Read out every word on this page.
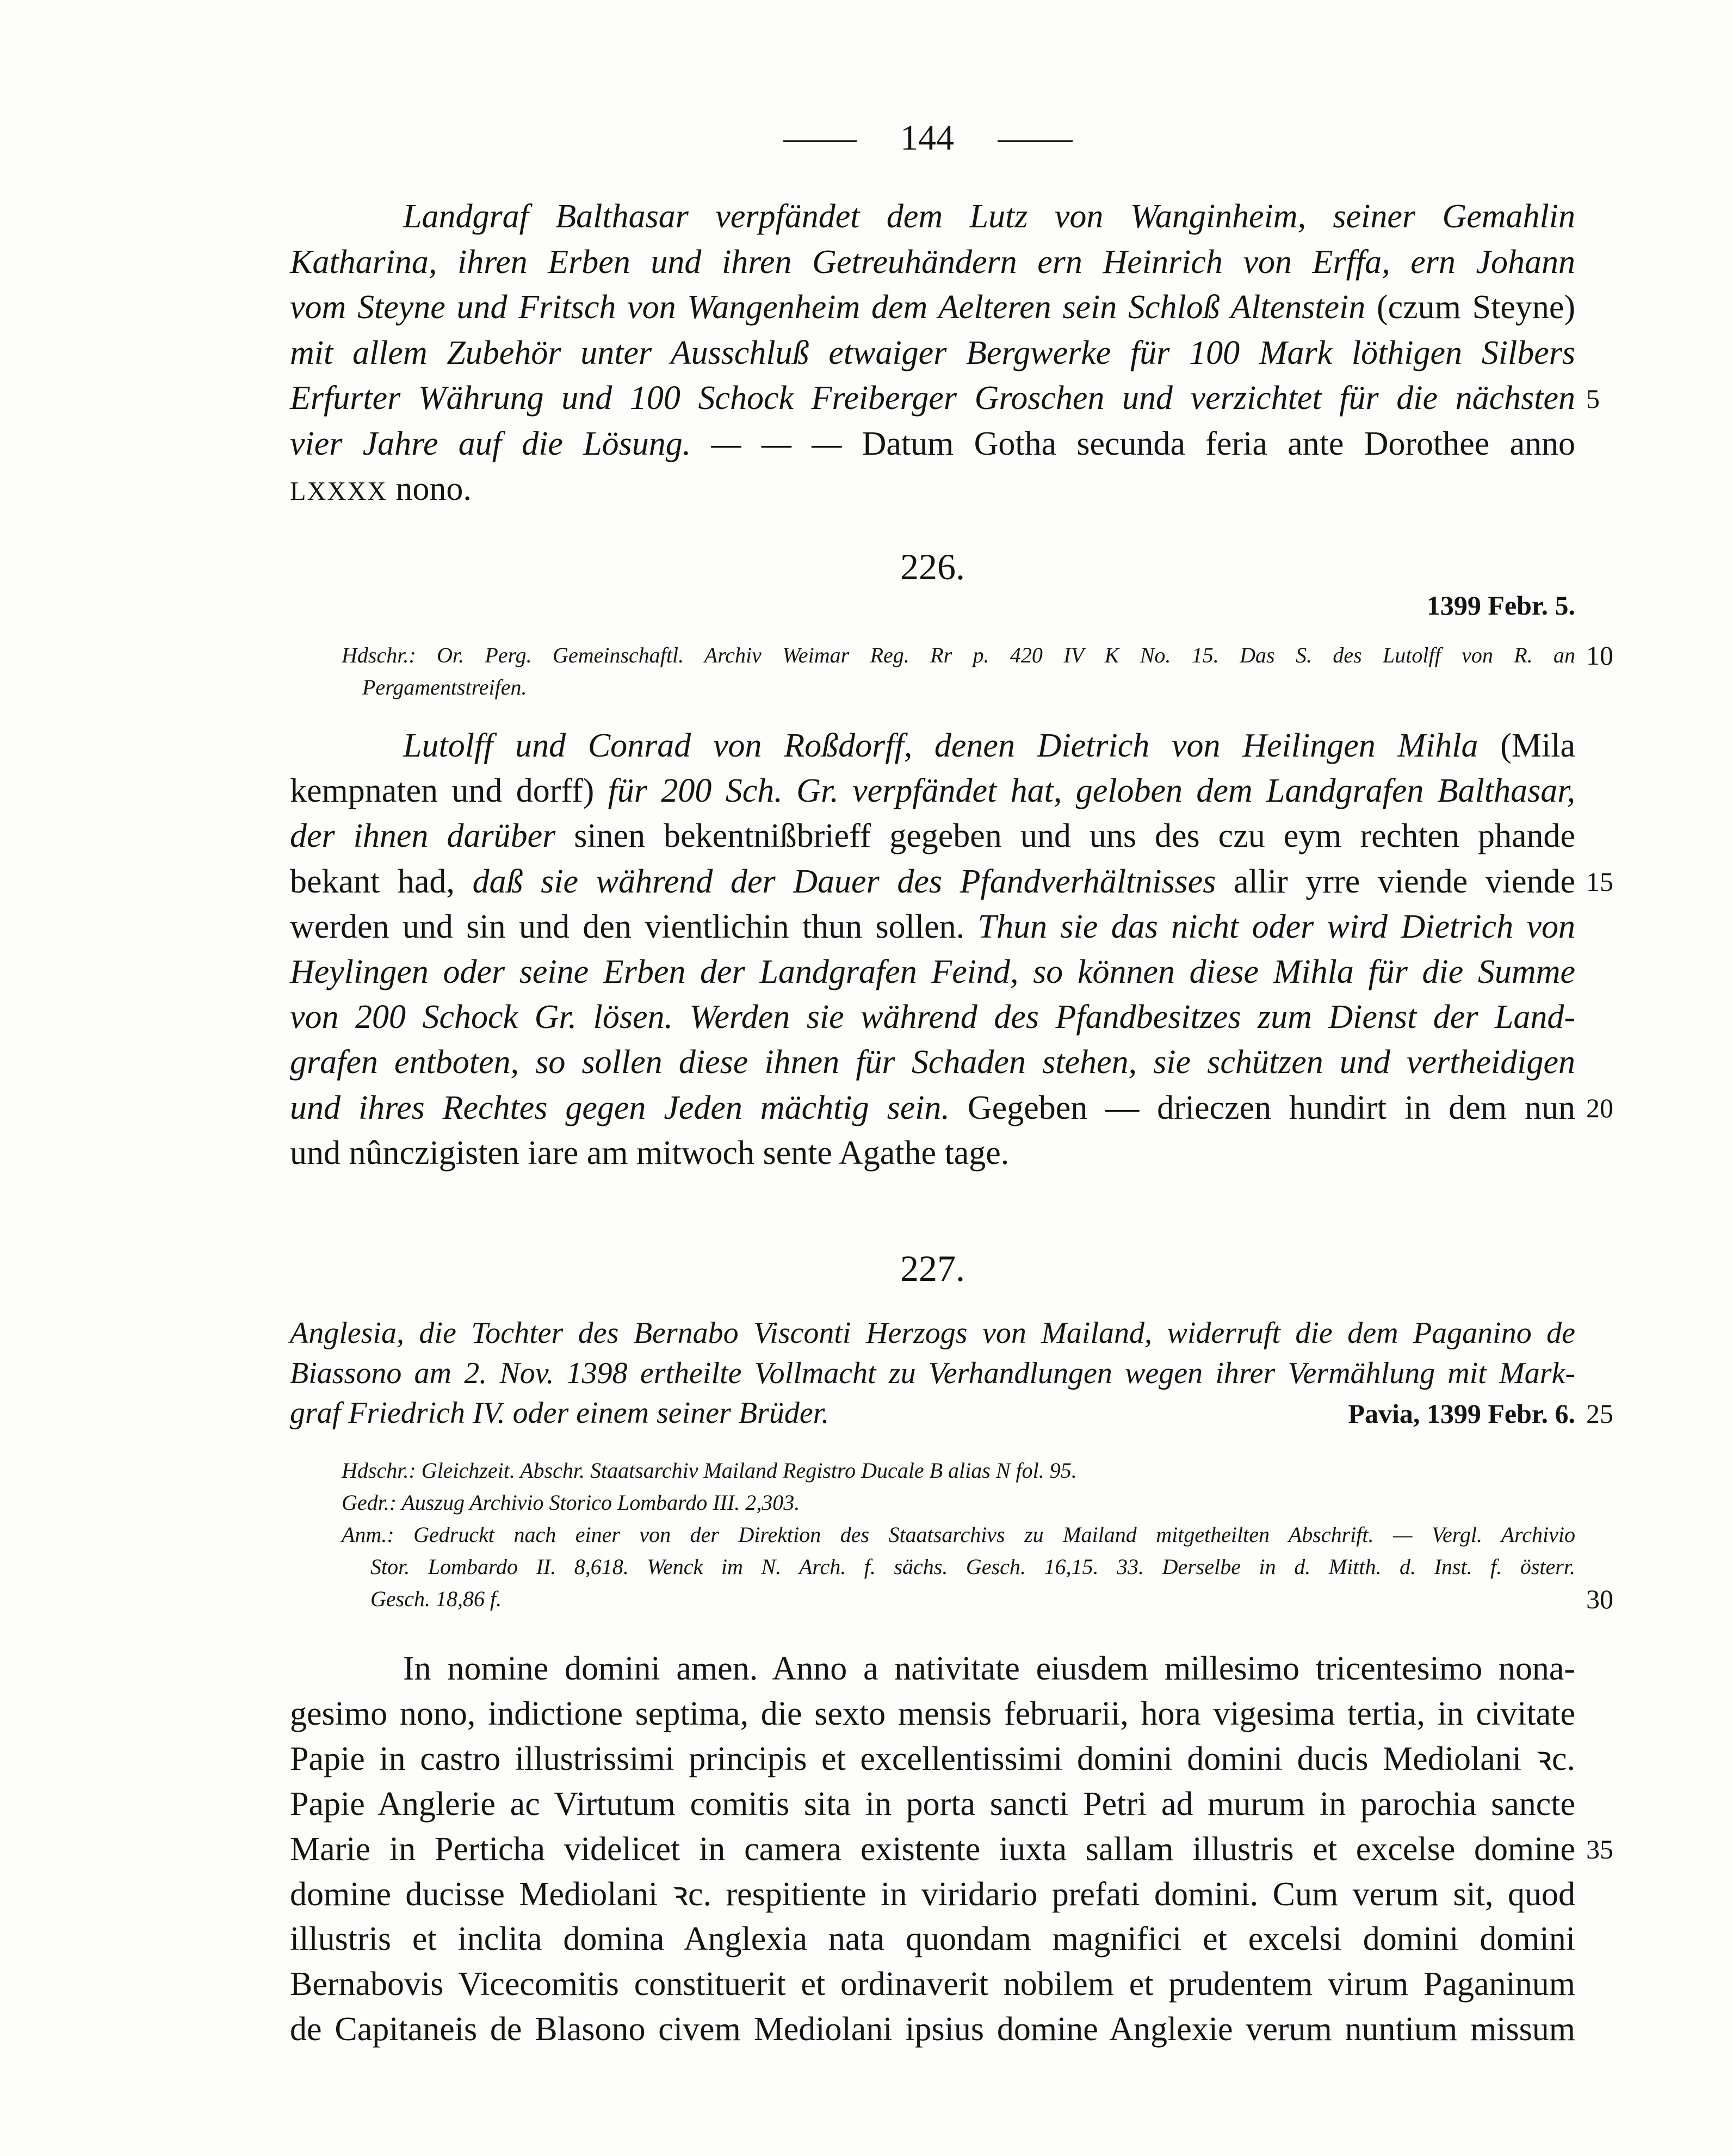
144
Landgraf Balthasar verpfändet dem Lutz von Wanginheim, seiner Gemahlin
Katharina, ihren Erben und ihren Getreuhändern ern Heinrich von Erffa, ern Johann
vom Steyne und Fritsch von Wangenheim dem Aelteren sein Schloß Altenstein (czum Steyne)
mit allem Zubehör unter Ausschluß etwaiger Bergwerke für 100 Mark löthigen Silbers
Erfurter Währung und 100 Schock Freiberger Groschen und verzichtet für die nächsten
vier Jahre auf die Lösung. — — — Datum Gotha secunda feria ante Dorothee anno
LXXXX nono.
226.
1399 Febr. 5.
Hdschr.: Or. Perg. Gemeinschaftl. Archiv Weimar Reg. Rr p. 420 IV K No. 15. Das S. des Lutolff von R. an
Pergamentstreifen.
Lutolff und Conrad von Roßdorff, denen Dietrich von Heilingen Mihla (Mila
kempnaten und dorff) für 200 Sch. Gr. verpfändet hat, geloben dem Landgrafen Balthasar,
der ihnen darüber sinen bekentnißbrieff gegeben und uns des czu eym rechten phande
bekant had, daß sie während der Dauer des Pfandverhältnisses allir yrre viende viende
werden und sin und den vientlichin thun sollen. Thun sie das nicht oder wird Dietrich von
Heylingen oder seine Erben der Landgrafen Feind, so können diese Mihla für die Summe
von 200 Schock Gr. lösen. Werden sie während des Pfandbesitzes zum Dienst der Land-
grafen entboten, so sollen diese ihnen für Schaden stehen, sie schützen und vertheidigen
und ihres Rechtes gegen Jeden mächtig sein. Gegeben — drieczen hundirt in dem nun
und nûnczigisten iare am mitwoch sente Agathe tage.
227.
Anglesia, die Tochter des Bernabo Visconti Herzogs von Mailand, widerruft die dem Paganino de
Biassono am 2. Nov. 1398 ertheilte Vollmacht zu Verhandlungen wegen ihrer Vermählung mit Mark-
graf Friedrich IV. oder einem seiner Brüder.	Pavia, 1399 Febr. 6.
Hdschr.: Gleichzeit. Abschr. Staatsarchiv Mailand Registro Ducale B alias N fol. 95.
Gedr.: Auszug Archivio Storico Lombardo III. 2,303.
Anm.: Gedruckt nach einer von der Direktion des Staatsarchivs zu Mailand mitgetheilten Abschrift. — Vergl. Archivio
Stor. Lombardo II. 8,618. Wenck im N. Arch. f. sächs. Gesch. 16,15. 33. Derselbe in d. Mitth. d. Inst. f. österr.
Gesch. 18,86 f.
In nomine domini amen. Anno a nativitate eiusdem millesimo tricentesimo nona-
gesimo nono, indictione septima, die sexto mensis februarii, hora vigesima tertia, in civitate
Papie in castro illustrissimi principis et excellentissimi domini domini ducis Mediolani ꝛc.
Papie Anglerie ac Virtutum comitis sita in porta sancti Petri ad murum in parochia sancte
Marie in Perticha videlicet in camera existente iuxta sallam illustris et excelse domine
domine ducisse Mediolani ꝛc. respitiente in viridario prefati domini. Cum verum sit, quod
illustris et inclita domina Anglexia nata quondam magnifici et excelsi domini domini
Bernabovis Vicecomitis constituerit et ordinaverit nobilem et prudentem virum Paganinum
de Capitaneis de Blasono civem Mediolani ipsius domine Anglexie verum nuntium missum
5
10
15
20
25
30
35
